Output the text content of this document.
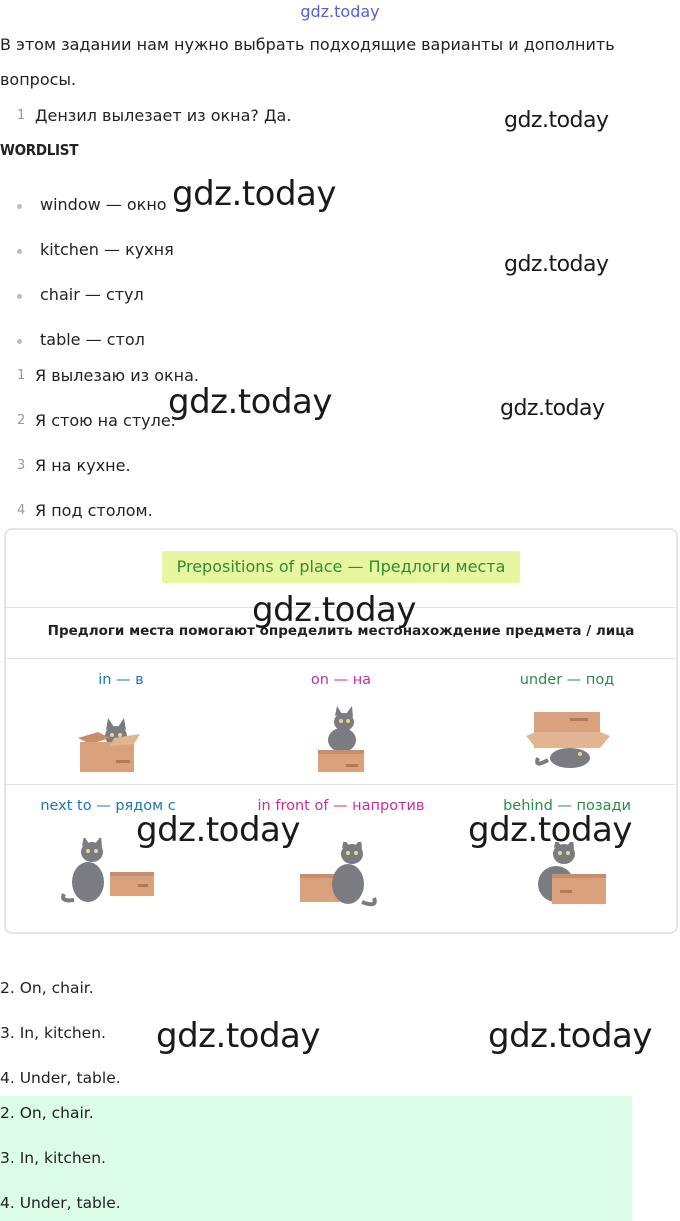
gdz.today
В этом задании нам нужно выбрать подходящие варианты и дополнить
вопросы.
1 Дензил вылезает из окна? Да.
WORDLIST
window — окно
kitchen — кухня
chair — стул
table — стол
1 Я вылезаю из окна.
2 Я стою на стуле.
3 Я на кухне.
4 Я под столом.
Prepositions of place — Предлоги места
Предлоги места помогают определить местонахождение предмета / лица
in — в	on — на	under — под
next to — рядом с	in front of — напротив	behind — позади
2. On, chair.
3. In, kitchen.
4. Under, table.
2. On, chair.
3. In, kitchen.
4. Under, table.
gdz.today
gdz.today
gdz.today
gdz.today	gdz.today
gdz.today
gdz.today	gdz.today
gdz.today	gdz.today
